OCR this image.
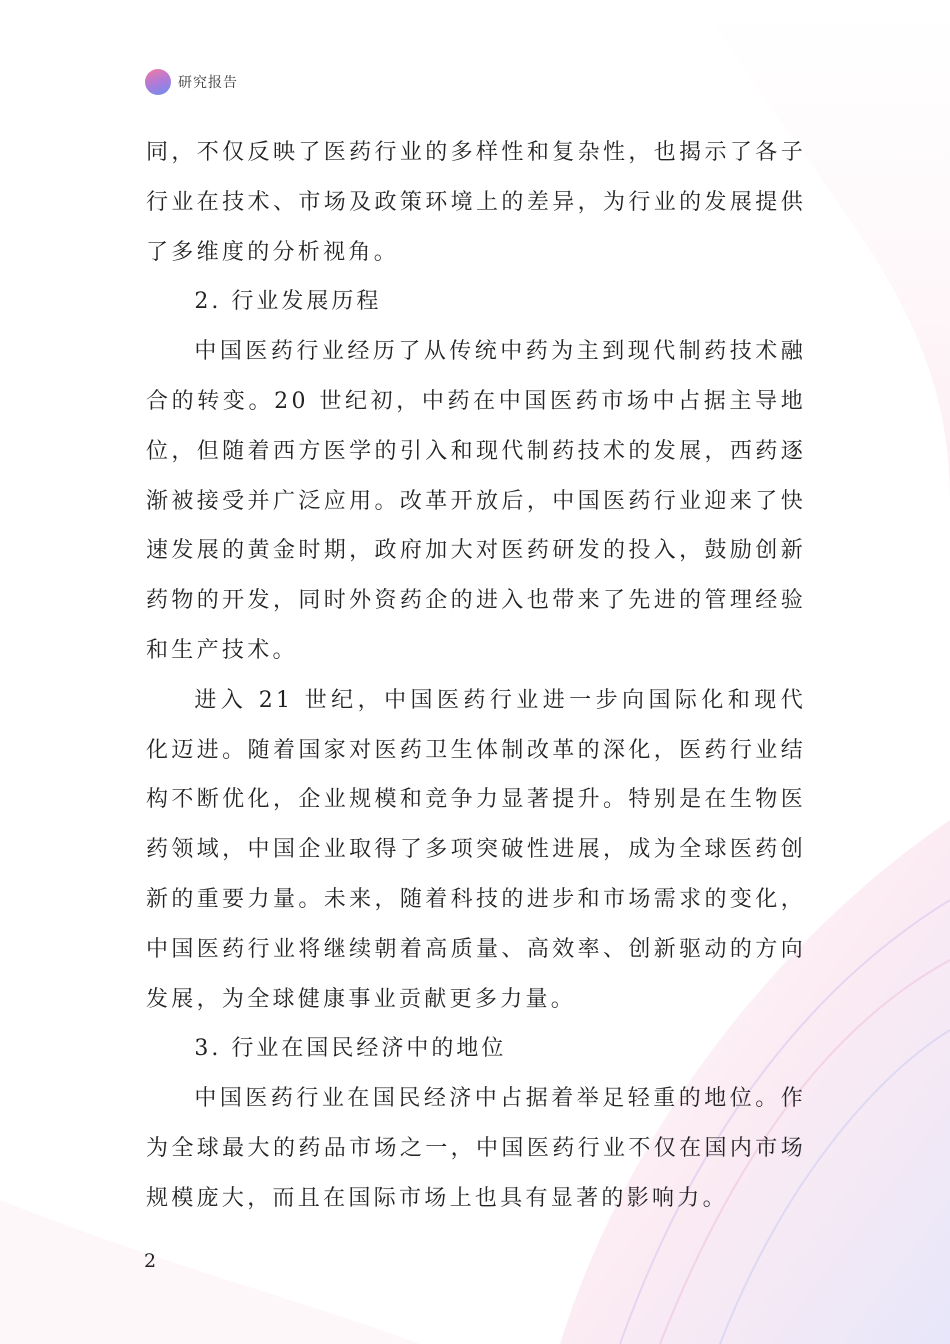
研究报告

同，不仅反映了医药行业的多样性和复杂性，也揭示了各子行业在技术、市场及政策环境上的差异，为行业的发展提供了多维度的分析视角。

2. 行业发展历程

中国医药行业经历了从传统中药为主到现代制药技术融合的转变。20 世纪初，中药在中国医药市场中占据主导地位，但随着西方医学的引入和现代制药技术的发展，西药逐渐被接受并广泛应用。改革开放后，中国医药行业迎来了快速发展的黄金时期，政府加大对医药研发的投入，鼓励创新药物的开发，同时外资药企的进入也带来了先进的管理经验和生产技术。

进入 21 世纪，中国医药行业进一步向国际化和现代化迈进。随着国家对医药卫生体制改革的深化，医药行业结构不断优化，企业规模和竞争力显著提升。特别是在生物医药领域，中国企业取得了多项突破性进展，成为全球医药创新的重要力量。未来，随着科技的进步和市场需求的变化，中国医药行业将继续朝着高质量、高效率、创新驱动的方向发展，为全球健康事业贡献更多力量。

3. 行业在国民经济中的地位

中国医药行业在国民经济中占据着举足轻重的地位。作为全球最大的药品市场之一，中国医药行业不仅在国内市场规模庞大，而且在国际市场上也具有显著的影响力。

2
